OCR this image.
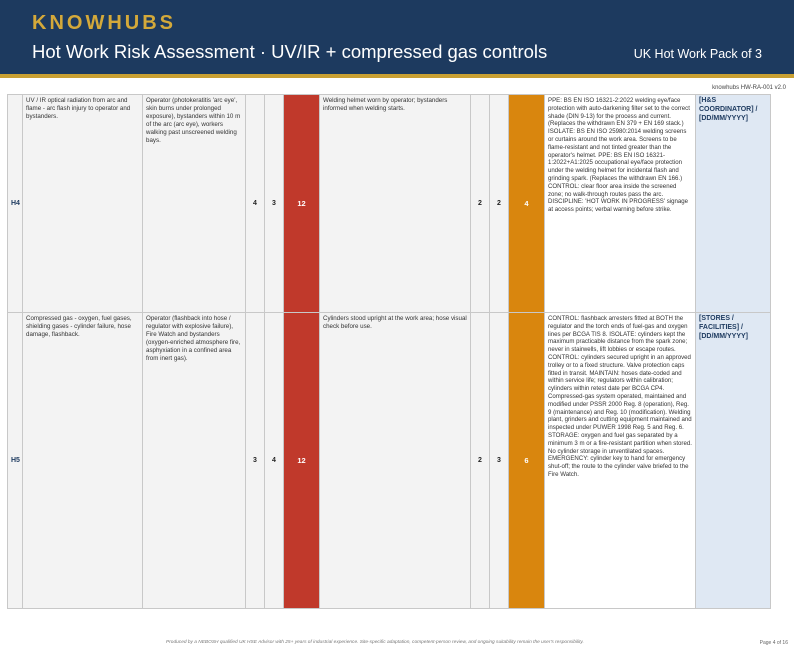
KNOWHUBS
Hot Work Risk Assessment · UV/IR + compressed gas controls	UK Hot Work Pack of 3
knowhubs HW-RA-001 v2.0
H4	UV / IR optical radiation from arc and flame - arc flash injury to operator and bystanders.	Operator (photokeratitis 'arc eye', skin burns under prolonged exposure), bystanders within 10 m of the arc (arc eye), workers walking past unscreened welding bays.	4	3	12	Welding helmet worn by operator; bystanders informed when welding starts.	2	2	4	PPE: BS EN ISO 16321-2:2022 welding eye/face protection with auto-darkening filter set to the correct shade (DIN 9-13) for the process and current. (Replaces the withdrawn EN 379 + EN 169 stack.) ISOLATE: BS EN ISO 25980:2014 welding screens or curtains around the work area. Screens to be flame-resistant and not tinted greater than the operator's helmet. PPE: BS EN ISO 16321-1:2022+A1:2025 occupational eye/face protection under the welding helmet for incidental flash and grinding spark. (Replaces the withdrawn EN 166.) CONTROL: clear floor area inside the screened zone; no walk-through routes pass the arc. DISCIPLINE: 'HOT WORK IN PROGRESS' signage at access points; verbal warning before strike.	[H&S COORDINATOR] / [DD/MM/YYYY]
H5	Compressed gas - oxygen, fuel gases, shielding gases - cylinder failure, hose damage, flashback.	Operator (flashback into hose / regulator with explosive failure), Fire Watch and bystanders (oxygen-enriched atmosphere fire, asphyxiation in a confined area from inert gas).	3	4	12	Cylinders stood upright at the work area; hose visual check before use.	2	3	6	CONTROL: flashback arresters fitted at BOTH the regulator and the torch ends of fuel-gas and oxygen lines per BCGA TIS 8. ISOLATE: cylinders kept the maximum practicable distance from the spark zone; never in stairwells, lift lobbies or escape routes. CONTROL: cylinders secured upright in an approved trolley or to a fixed structure. Valve protection caps fitted in transit. MAINTAIN: hoses date-coded and within service life; regulators within calibration; cylinders within retest date per BCGA CP4. Compressed-gas system operated, maintained and modified under PSSR 2000 Reg. 8 (operation), Reg. 9 (maintenance) and Reg. 10 (modification). Welding plant, grinders and cutting equipment maintained and inspected under PUWER 1998 Reg. 5 and Reg. 6. STORAGE: oxygen and fuel gas separated by a minimum 3 m or a fire-resistant partition when stored. No cylinder storage in unventilated spaces. EMERGENCY: cylinder key to hand for emergency shut-off; the route to the cylinder valve briefed to the Fire Watch.	[STORES / FACILITIES] / [DD/MM/YYYY]
Produced by a NEBOSH qualified UK HSE Advisor with 25+ years of industrial experience. Site-specific adaptation, competent-person review, and ongoing suitability remain the user's responsibility.	Page 4 of 16
